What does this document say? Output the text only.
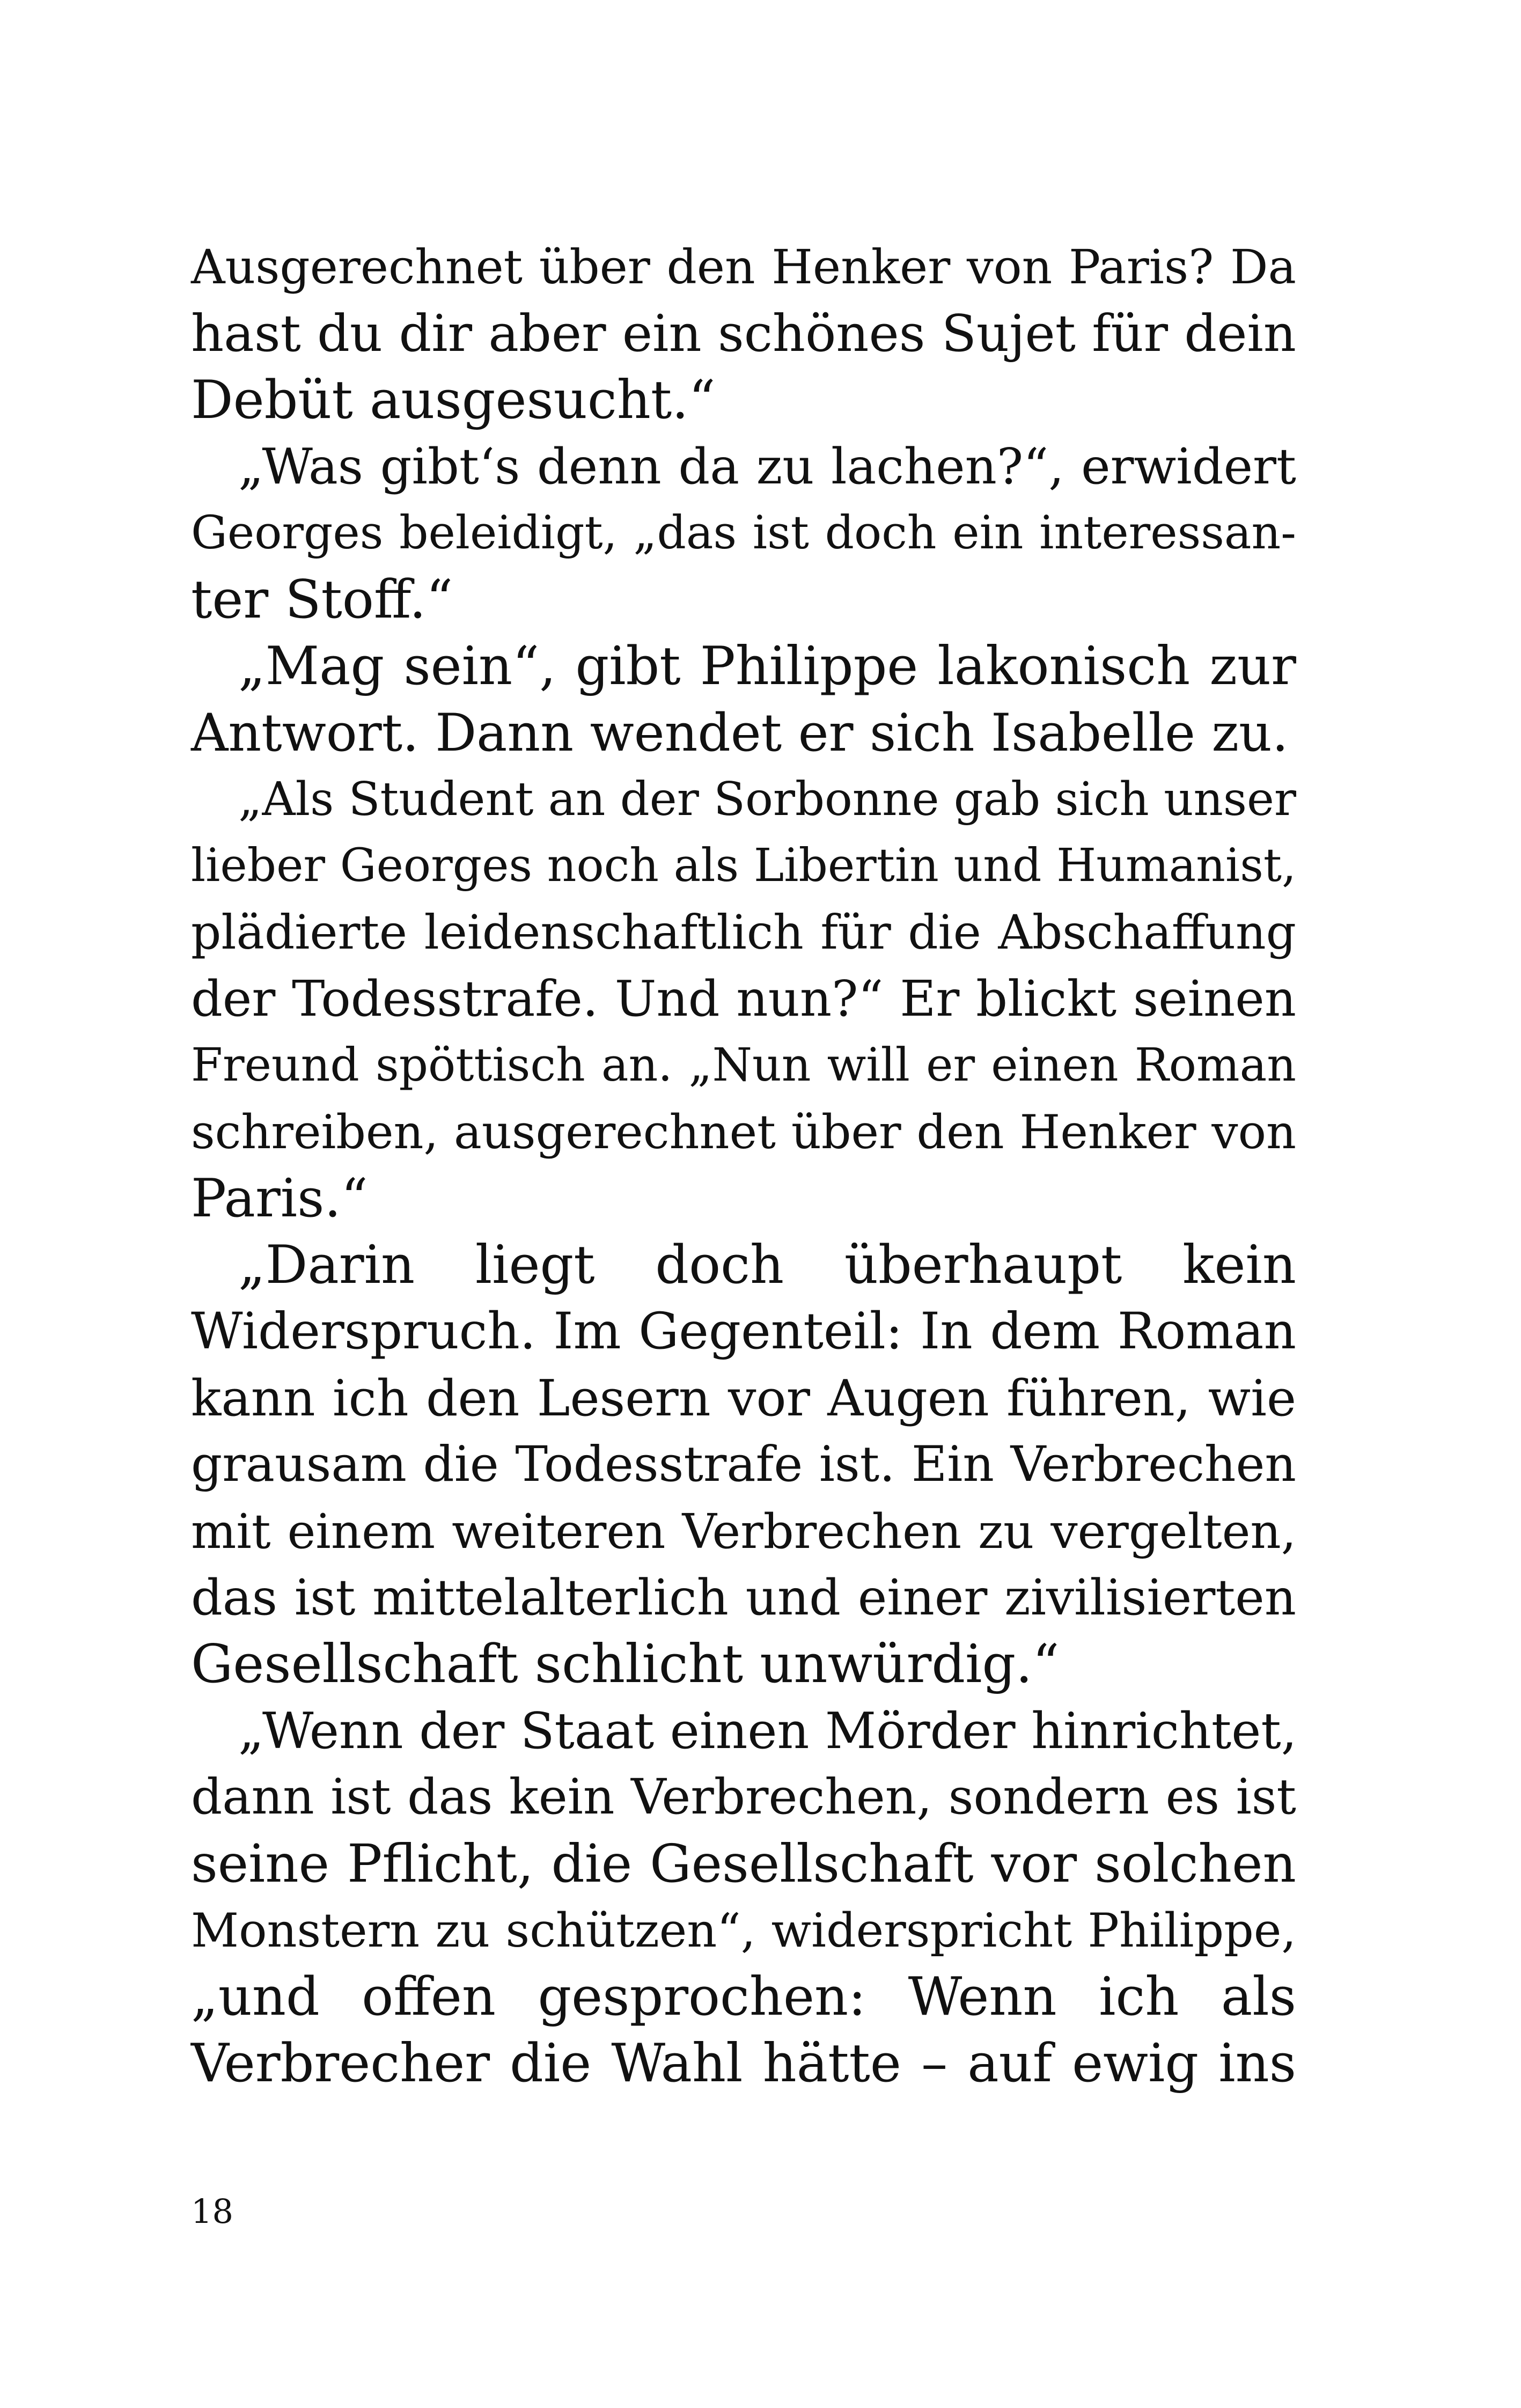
Ausgerechnet über den Henker von Paris? Da
hast du dir aber ein schönes Sujet für dein
Debüt ausgesucht.“
„Was gibt‘s denn da zu lachen?“, erwidert
Georges beleidigt, „das ist doch ein interessan-
ter Stoff.“
„Mag sein“, gibt Philippe lakonisch zur
Antwort. Dann wendet er sich Isabelle zu.
„Als Student an der Sorbonne gab sich unser
lieber Georges noch als Libertin und Humanist,
plädierte leidenschaftlich für die Abschaffung
der Todesstrafe. Und nun?“ Er blickt seinen
Freund spöttisch an. „Nun will er einen Roman
schreiben, ausgerechnet über den Henker von
Paris.“
„Darin liegt doch überhaupt kein
Widerspruch. Im Gegenteil: In dem Roman
kann ich den Lesern vor Augen führen, wie
grausam die Todesstrafe ist. Ein Verbrechen
mit einem weiteren Verbrechen zu vergelten,
das ist mittelalterlich und einer zivilisierten
Gesellschaft schlicht unwürdig.“
„Wenn der Staat einen Mörder hinrichtet,
dann ist das kein Verbrechen, sondern es ist
seine Pflicht, die Gesellschaft vor solchen
Monstern zu schützen“, widerspricht Philippe,
„und offen gesprochen: Wenn ich als
Verbrecher die Wahl hätte – auf ewig ins
18
